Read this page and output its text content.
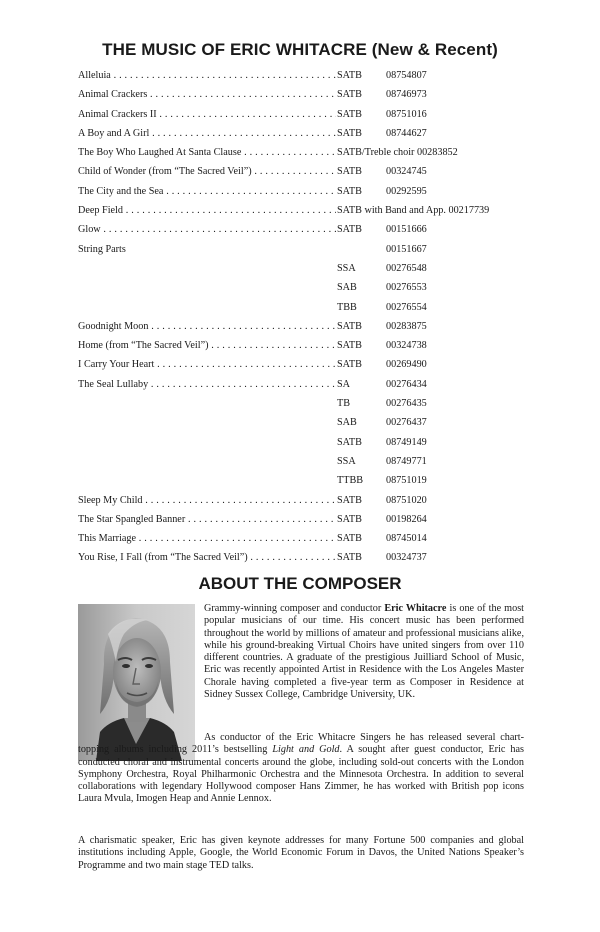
THE MUSIC OF ERIC WHITACRE (New & Recent)
Alleluia . . .	SATB 08754807
Animal Crackers . . .	SATB 08746973
Animal Crackers II . . .	SATB 08751016
A Boy and A Girl . . .	SATB 08744627
The Boy Who Laughed At Santa Clause . . .	SATB/Treble choir 00283852
Child of Wonder (from “The Sacred Veil”) . . .	SATB 00324745
The City and the Sea . . .	SATB 00292595
Deep Field . . .	SATB with Band and App. 00217739
Glow . . .	SATB 00151666
String Parts	00151667
SSA	00276548
SAB	00276553
TBB	00276554
Goodnight Moon . . .	SATB 00283875
Home (from “The Sacred Veil”) . . .	SATB 00324738
I Carry Your Heart . . .	SATB 00269490
The Seal Lullaby . . .	SA	00276434
TB	00276435
SAB	00276437
SATB 08749149
SSA	08749771
TTBB 08751019
Sleep My Child . . .	SATB 08751020
The Star Spangled Banner . . .	SATB 00198264
This Marriage . . .	SATB 08745014
You Rise, I Fall (from “The Sacred Veil”) . . .	SATB 00324737
ABOUT THE COMPOSER

Grammy-winning composer and conductor Eric Whitacre is one of the most popular musicians of our time. His concert music has been performed throughout the world by millions of amateur and professional musicians alike, while his ground-breaking Virtual Choirs have united singers from over 110 different countries. A graduate of the prestigious Juilliard School of Music, Eric was recently appointed Artist in Residence with the Los Angeles Master Chorale having completed a five-year term as Composer in Residence at Sidney Sussex College, Cambridge University, UK.

As conductor of the Eric Whitacre Singers he has released several chart-topping albums including 2011’s bestselling Light and Gold. A sought after guest conductor, Eric has conducted choral and instrumental concerts around the globe, including sold-out concerts with the London Symphony Orchestra, Royal Philharmonic Orchestra and the Minnesota Orchestra. In addition to several collaborations with legendary Hollywood composer Hans Zimmer, he has worked with British pop icons Laura Mvula, Imogen Heap and Annie Lennox.

A charismatic speaker, Eric has given keynote addresses for many Fortune 500 companies and global institutions including Apple, Google, the World Economic Forum in Davos, the United Nations Speaker’s Programme and two main stage TED talks.
